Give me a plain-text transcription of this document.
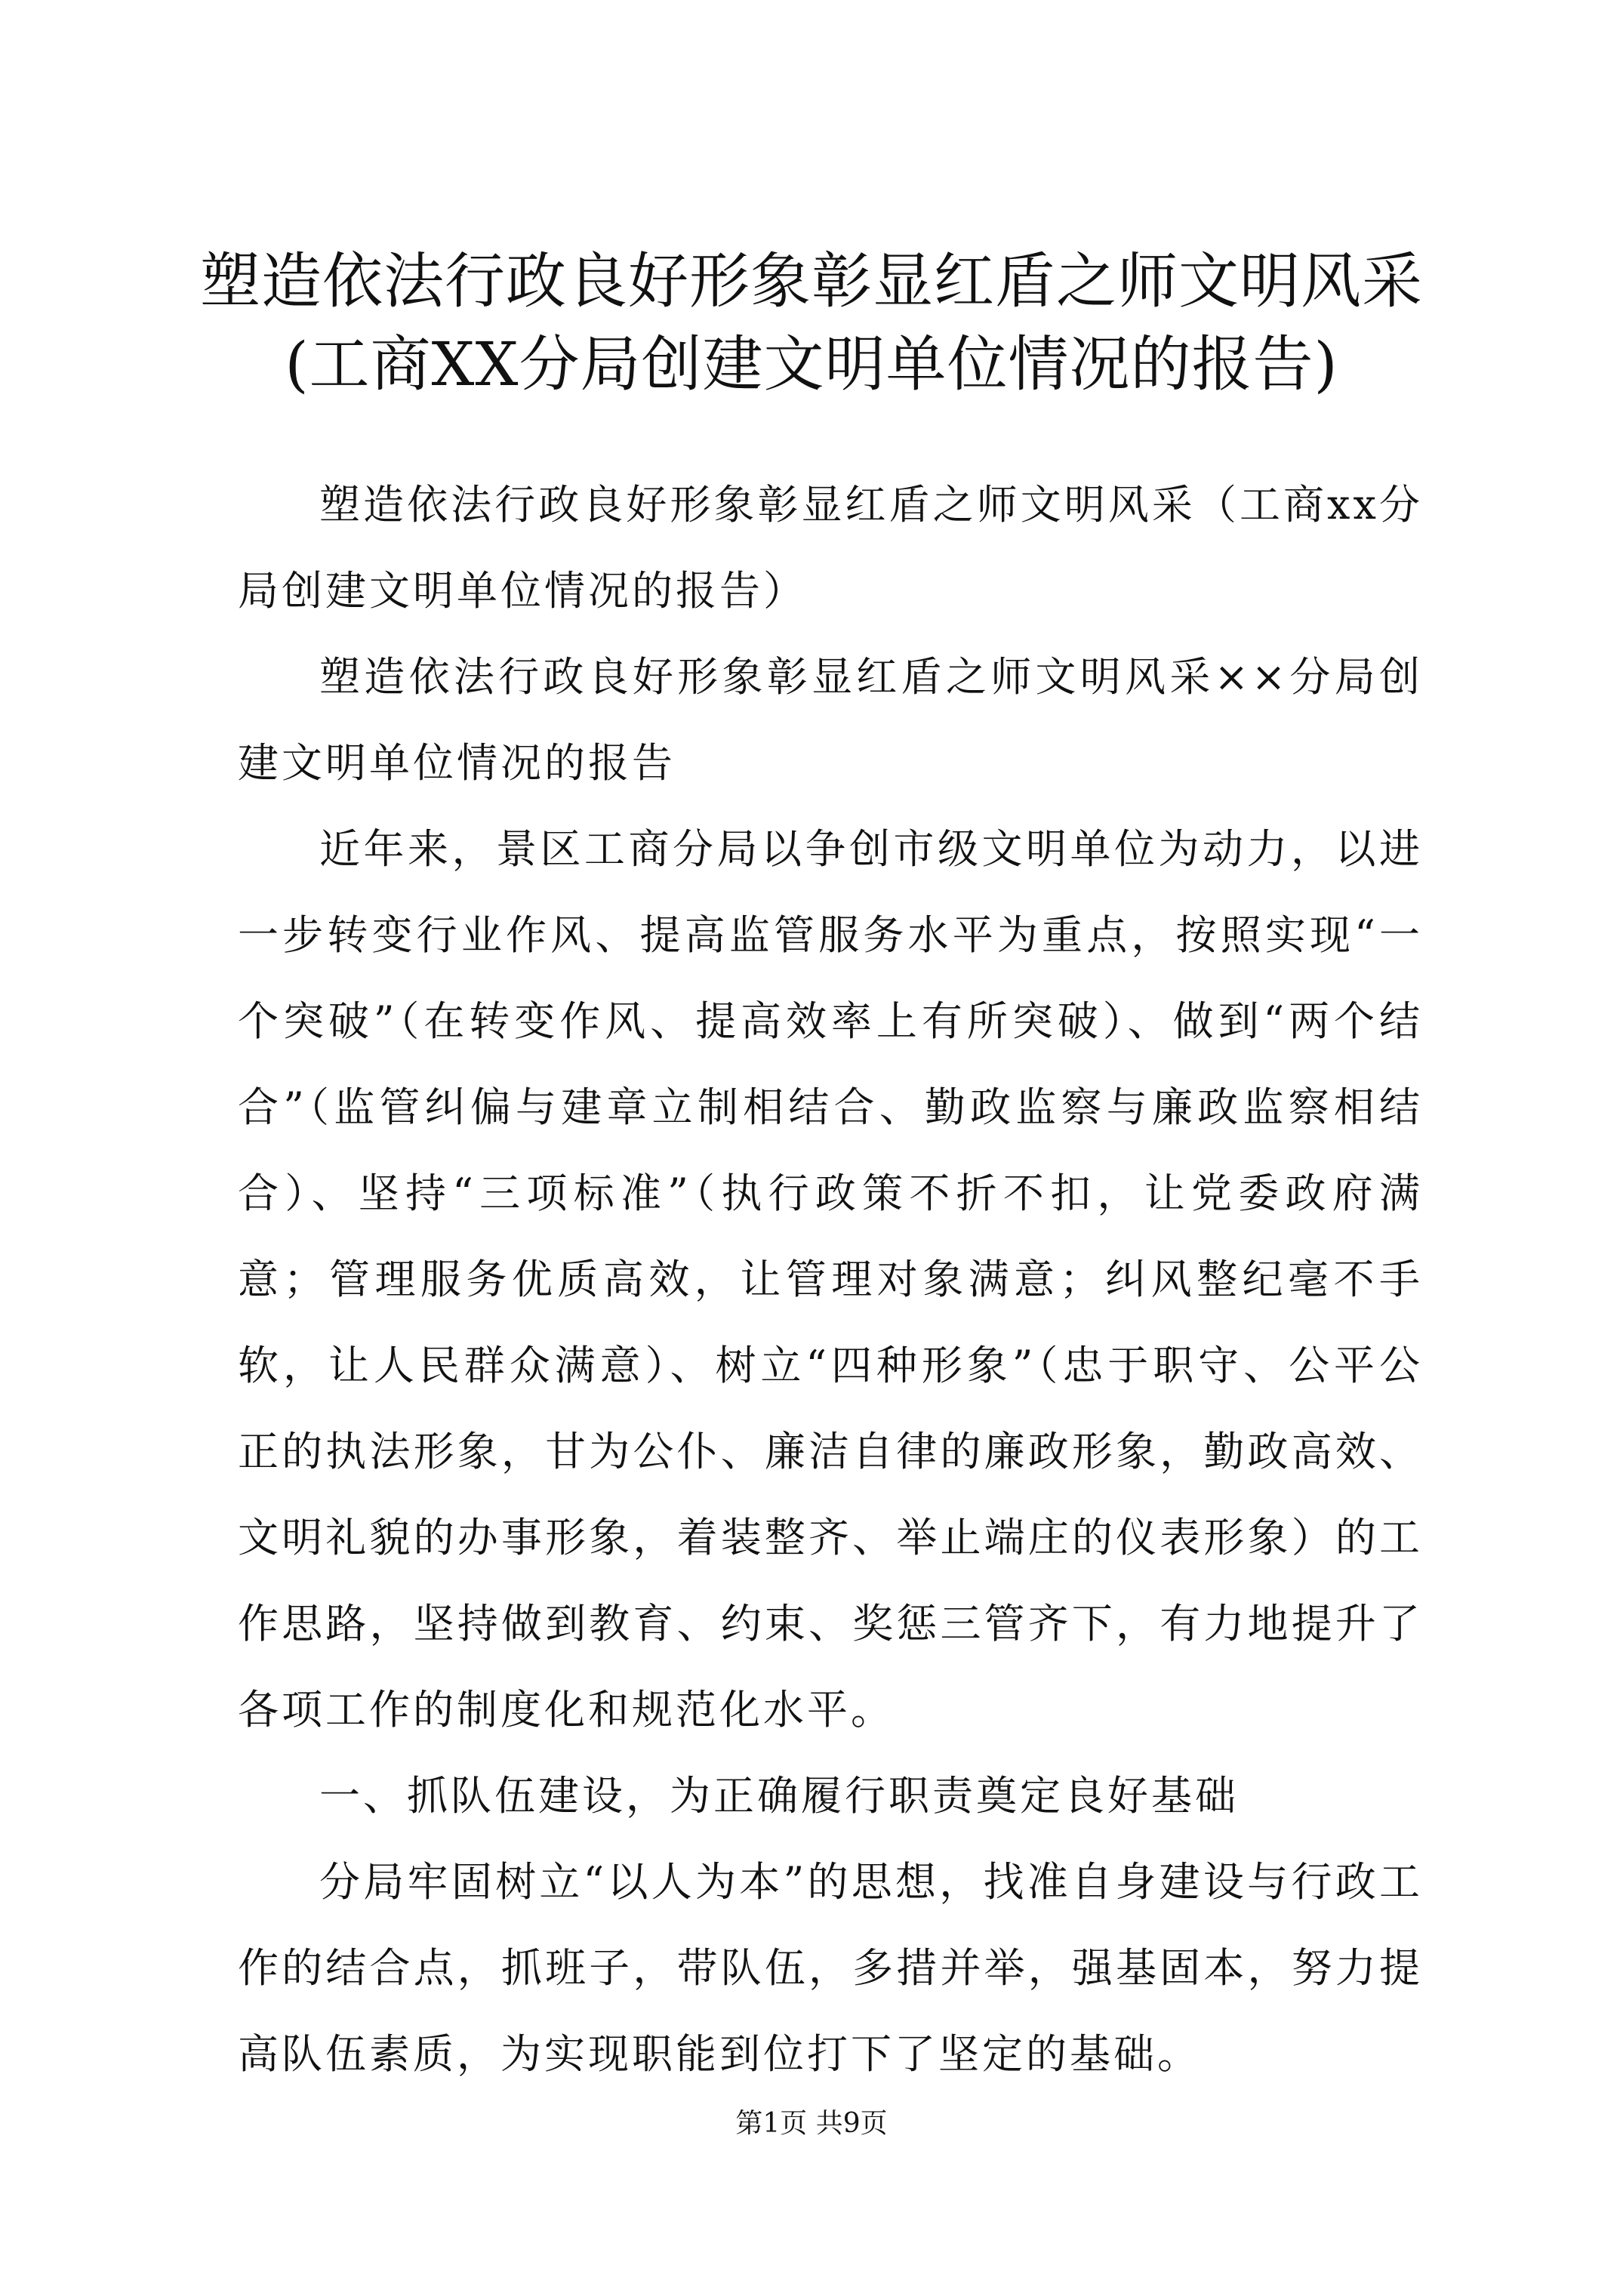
塑造依法行政良好形象彰显红盾之师文明风采
(工商XX分局创建文明单位情况的报告)

塑造依法行政良好形象彰显红盾之师文明风采（工商xx分局创建文明单位情况的报告）

塑造依法行政良好形象彰显红盾之师文明风采××分局创建文明单位情况的报告

近年来，景区工商分局以争创市级文明单位为动力，以进一步转变行业作风、提高监管服务水平为重点，按照实现“一个突破”（在转变作风、提高效率上有所突破）、做到“两个结合”（监管纠偏与建章立制相结合、勤政监察与廉政监察相结合）、坚持“三项标准”（执行政策不折不扣，让党委政府满意；管理服务优质高效，让管理对象满意；纠风整纪毫不手软，让人民群众满意）、树立“四种形象”（忠于职守、公平公正的执法形象，甘为公仆、廉洁自律的廉政形象，勤政高效、文明礼貌的办事形象，着装整齐、举止端庄的仪表形象）的工作思路，坚持做到教育、约束、奖惩三管齐下，有力地提升了各项工作的制度化和规范化水平。

一、抓队伍建设，为正确履行职责奠定良好基础

分局牢固树立“以人为本”的思想，找准自身建设与行政工作的结合点，抓班子，带队伍，多措并举，强基固本，努力提高队伍素质，为实现职能到位打下了坚定的基础。

第1页 共9页
